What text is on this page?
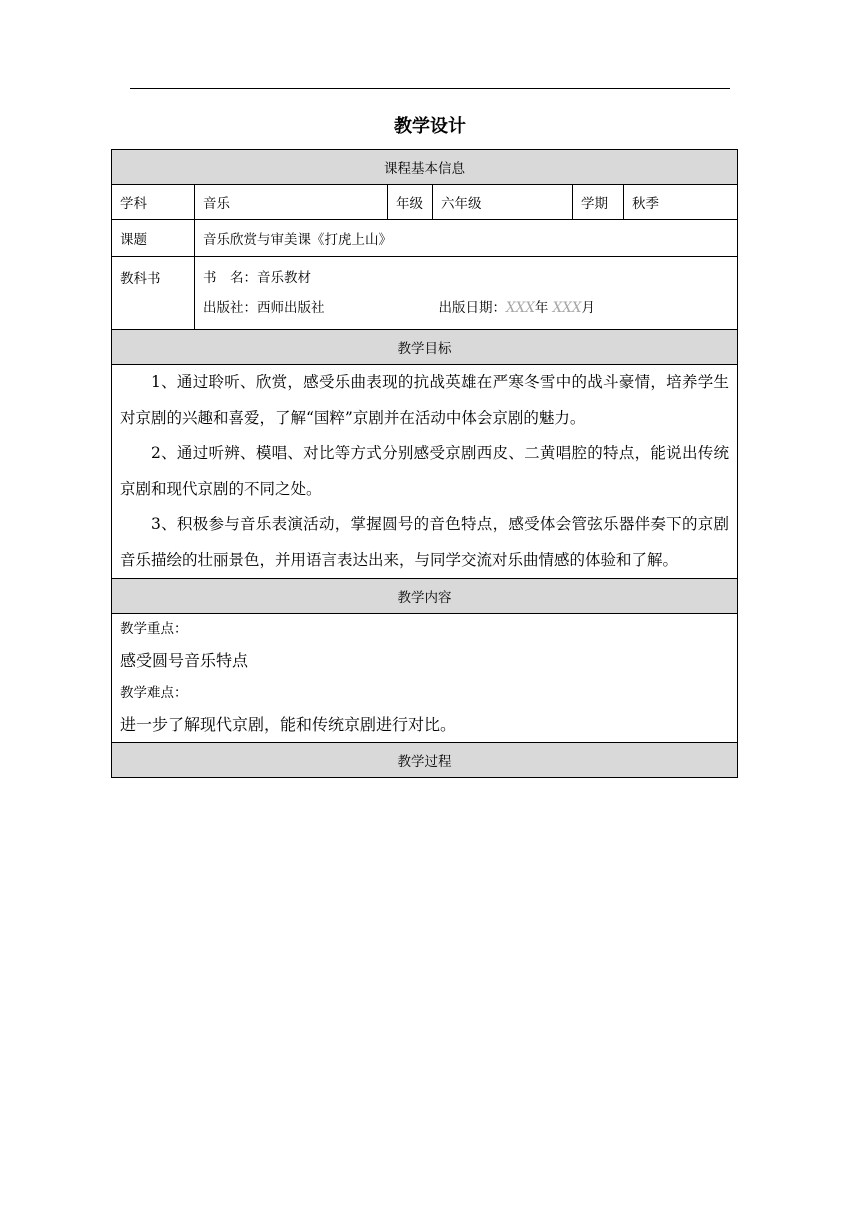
教学设计
课程基本信息					
学科	音乐	年级	六年级	学期	秋季
课题	音乐欣赏与审美课《打虎上山》				
教科书	书　名：音乐教材
出版社：西师出版社 出版日期：XXX年 XXX月				

教学目标					

1、通过聆听、欣赏，感受乐曲表现的抗战英雄在严寒冬雪中的战斗豪情，培养学生对京剧的兴趣和喜爱，了解“国粹”京剧并在活动中体会京剧的魅力。

2、通过听辨、模唱、对比等方式分别感受京剧西皮、二黄唱腔的特点，能说出传统京剧和现代京剧的不同之处。

3、积极参与音乐表演活动，掌握圆号的音色特点，感受体会管弦乐器伴奏下的京剧音乐描绘的壮丽景色，并用语言表达出来，与同学交流对乐曲情感的体验和了解。					

教学内容					

教学重点：

感受圆号音乐特点

教学难点：

进一步了解现代京剧，能和传统京剧进行对比。					

教学过程					
